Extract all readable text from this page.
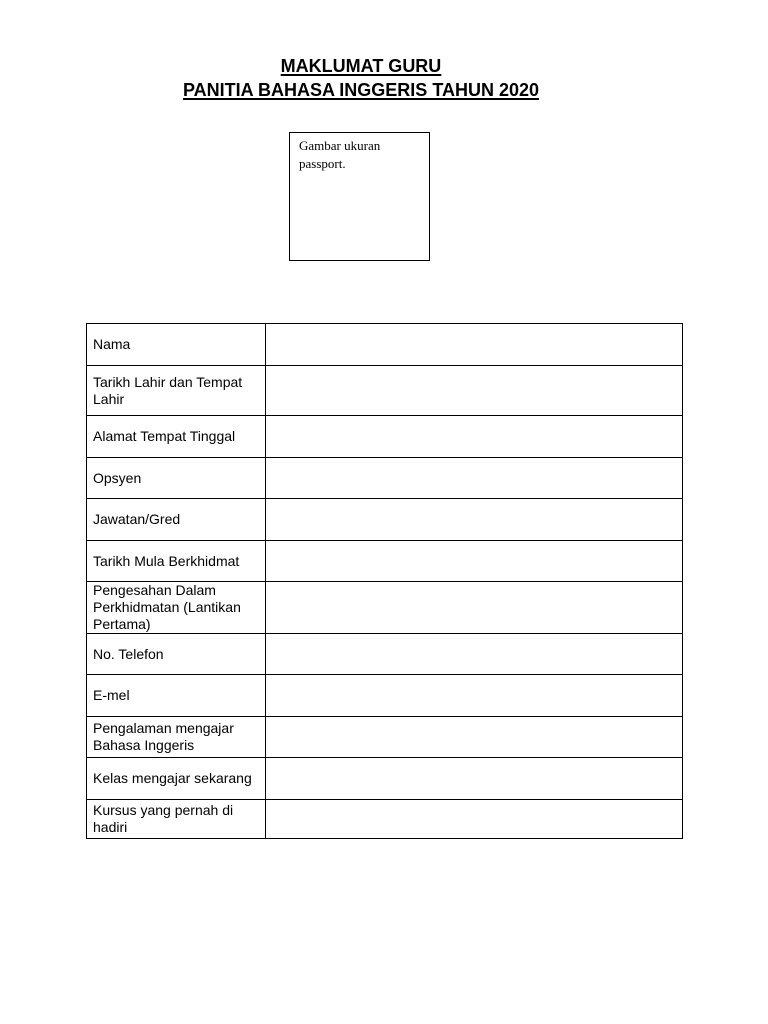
MAKLUMAT GURU
PANITIA BAHASA INGGERIS TAHUN 2020
Gambar ukuran passport.
Nama	
Tarikh Lahir dan Tempat Lahir	
Alamat Tempat Tinggal	
Opsyen	
Jawatan/Gred	
Tarikh Mula Berkhidmat	
Pengesahan Dalam Perkhidmatan (Lantikan Pertama)	
No. Telefon	
E-mel	
Pengalaman mengajar Bahasa Inggeris	
Kelas mengajar sekarang	
Kursus yang pernah di hadiri	
